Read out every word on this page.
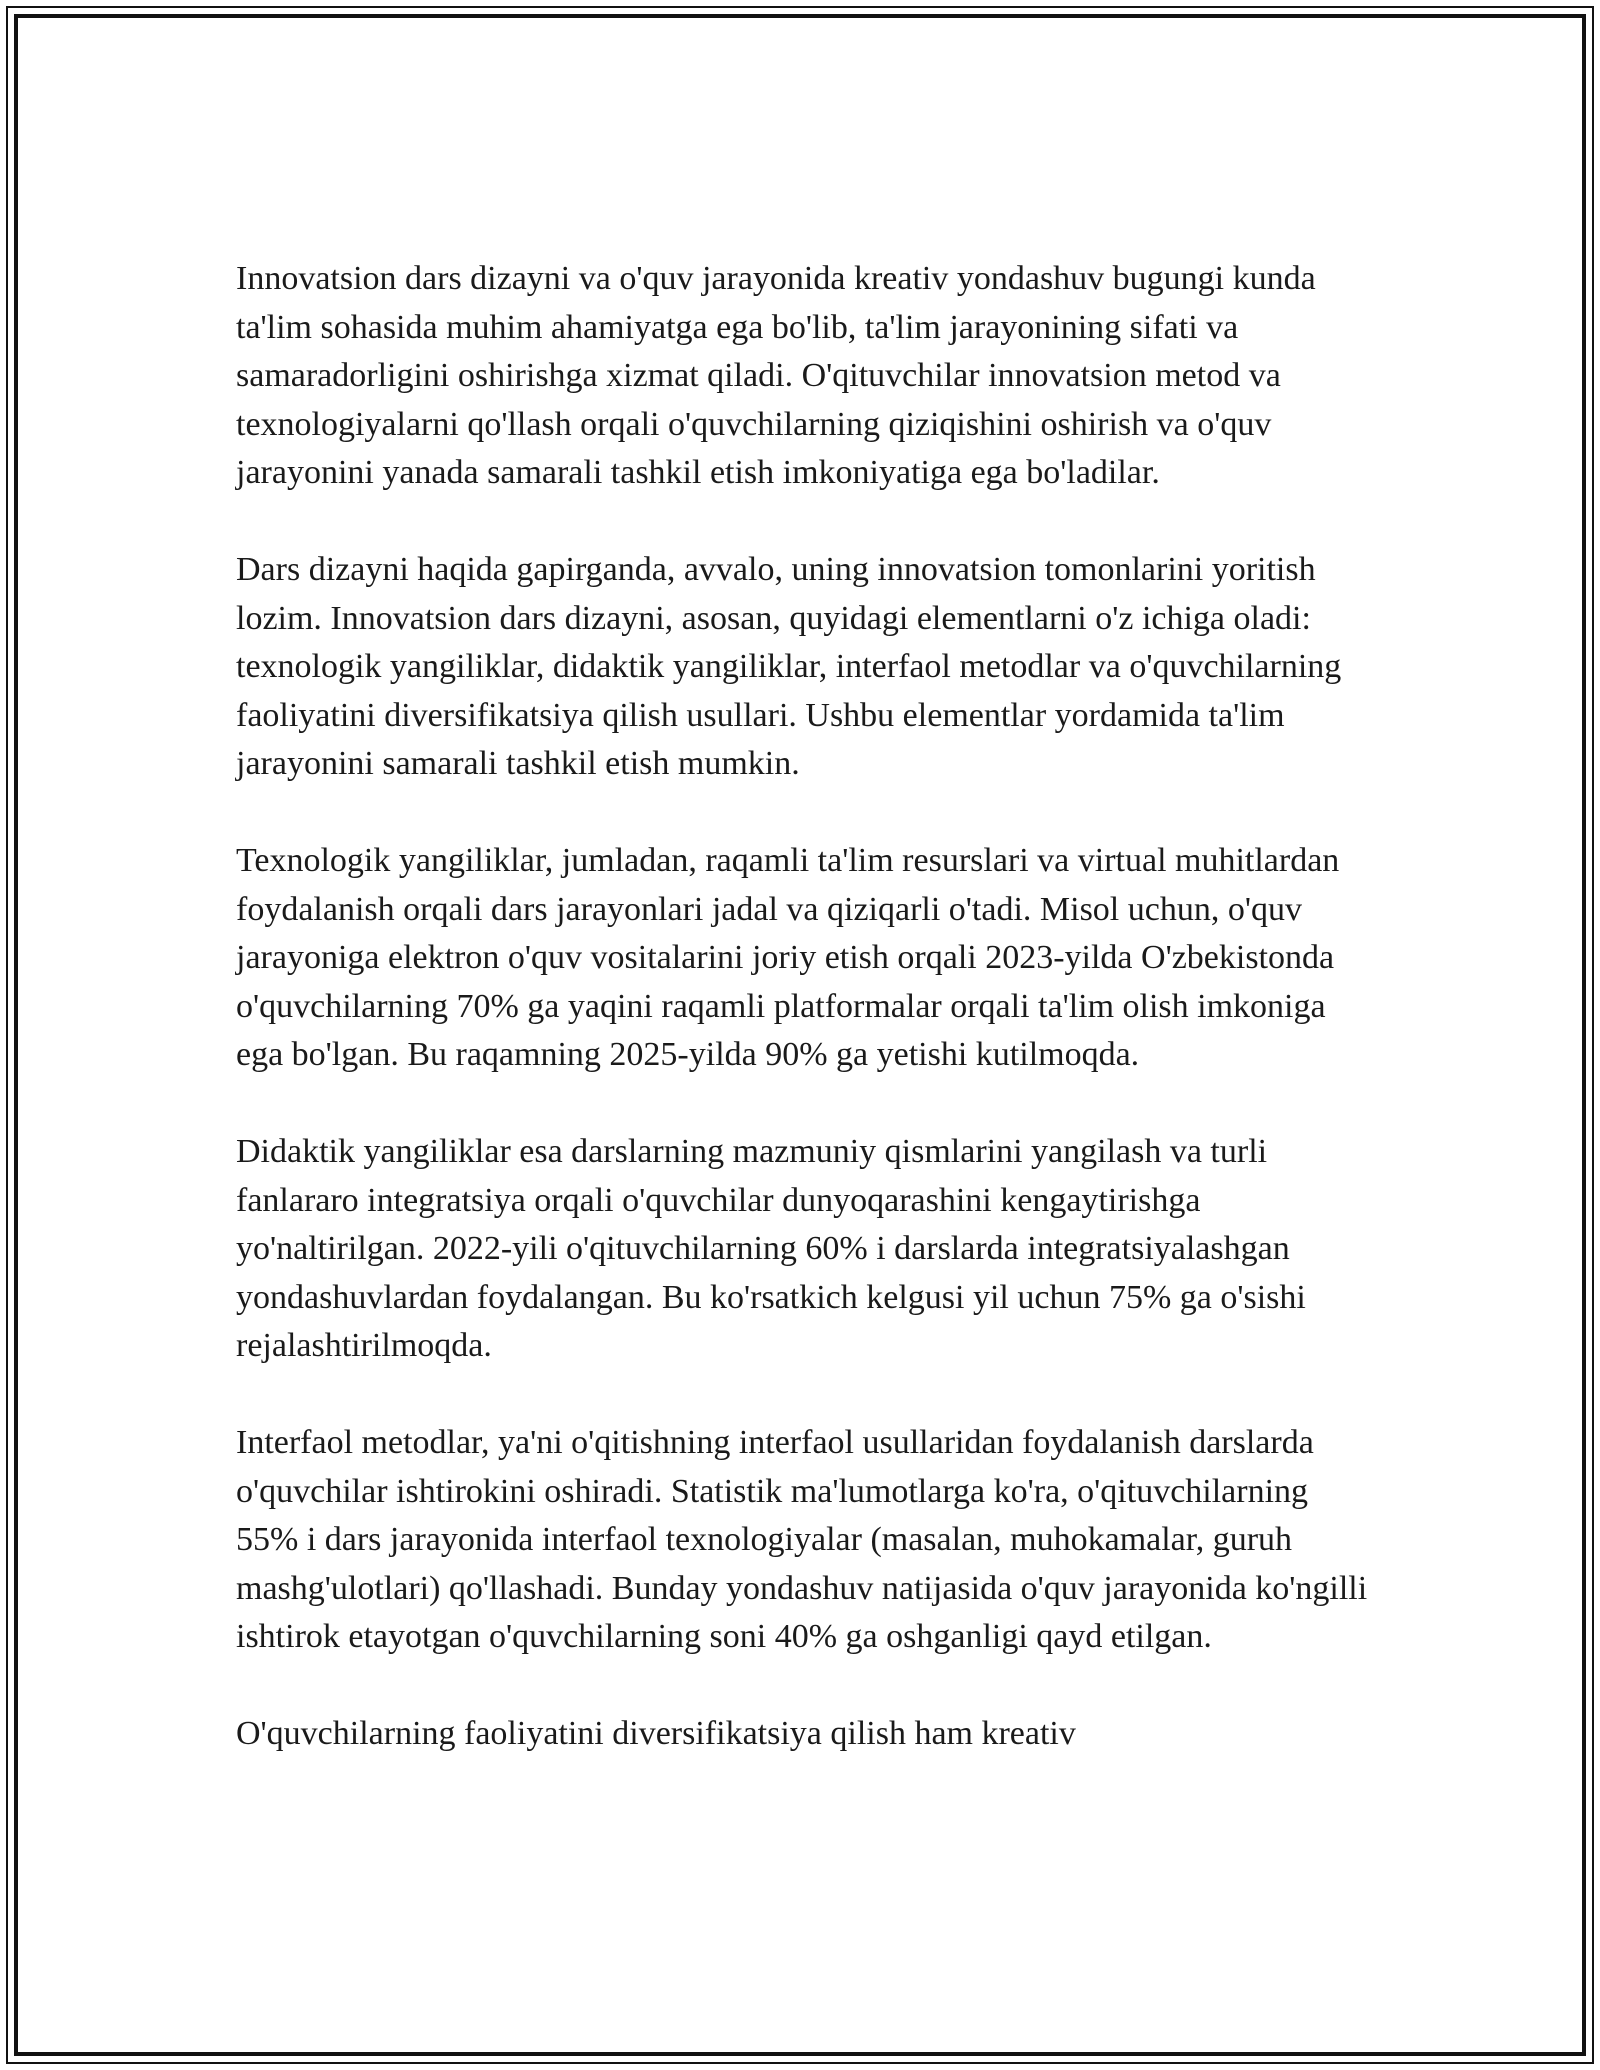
Innovatsion dars dizayni va o'quv jarayonida kreativ yondashuv bugungi kunda ta'lim sohasida muhim ahamiyatga ega bo'lib, ta'lim jarayonining sifati va samaradorligini oshirishga xizmat qiladi. O'qituvchilar innovatsion metod va texnologiyalarni qo'llash orqali o'quvchilarning qiziqishini oshirish va o'quv jarayonini yanada samarali tashkil etish imkoniyatiga ega bo'ladilar.

Dars dizayni haqida gapirganda, avvalo, uning innovatsion tomonlarini yoritish lozim. Innovatsion dars dizayni, asosan, quyidagi elementlarni o'z ichiga oladi: texnologik yangiliklar, didaktik yangiliklar, interfaol metodlar va o'quvchilarning faoliyatini diversifikatsiya qilish usullari. Ushbu elementlar yordamida ta'lim jarayonini samarali tashkil etish mumkin.

Texnologik yangiliklar, jumladan, raqamli ta'lim resurslari va virtual muhitlardan foydalanish orqali dars jarayonlari jadal va qiziqarli o'tadi. Misol uchun, o'quv jarayoniga elektron o'quv vositalarini joriy etish orqali 2023-yilda O'zbekistonda o'quvchilarning 70% ga yaqini raqamli platformalar orqali ta'lim olish imkoniga ega bo'lgan. Bu raqamning 2025-yilda 90% ga yetishi kutilmoqda.

Didaktik yangiliklar esa darslarning mazmuniy qismlarini yangilash va turli fanlararo integratsiya orqali o'quvchilar dunyoqarashini kengaytirishga yo'naltirilgan. 2022-yili o'qituvchilarning 60% i darslarda integratsiyalashgan yondashuvlardan foydalangan. Bu ko'rsatkich kelgusi yil uchun 75% ga o'sishi rejalashtirilmoqda.

Interfaol metodlar, ya'ni o'qitishning interfaol usullaridan foydalanish darslarda o'quvchilar ishtirokini oshiradi. Statistik ma'lumotlarga ko'ra, o'qituvchilarning 55% i dars jarayonida interfaol texnologiyalar (masalan, muhokamalar, guruh mashg'ulotlari) qo'llashadi. Bunday yondashuv natijasida o'quv jarayonida ko'ngilli ishtirok etayotgan o'quvchilarning soni 40% ga oshganligi qayd etilgan.

O'quvchilarning faoliyatini diversifikatsiya qilish ham kreativ
